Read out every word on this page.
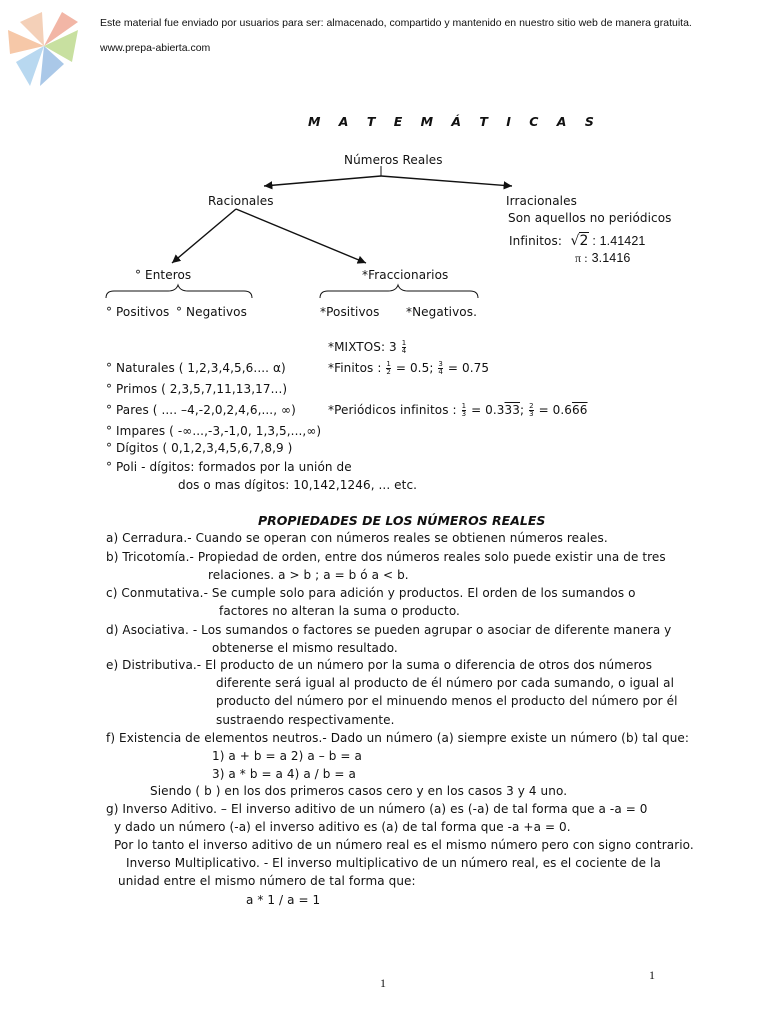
Este material fue enviado por usuarios para ser: almacenado, compartido y mantenido en nuestro sitio web de manera gratuita.
www.prepa-abierta.com
M A T E M Á T I C A S
Números Reales
Racionales	Irracionales
Son aquellos no periódicos
Infinitos:  √2 : 1.41421
π : 3.1416
° Enteros	*Fraccionarios
° Positivos ° Negativos	*Positivos *Negativos.
*MIXTOS: $3 \frac{1}{4}$
*Finitos : $\frac{1}{2} = 0.5$; $\frac{3}{4} = 0.75$
*Periódicos infinitos : $\frac{1}{3} = 0.333$; $\frac{2}{3} = 0.666$
° Naturales ( 1,2,3,4,5,6.... α)
° Primos ( 2,3,5,7,11,13,17...)
° Pares ( .... –4,-2,0,2,4,6,..., ∞)
° Impares ( -∞...,-3,-1,0, 1,3,5,...,∞)
° Dígitos ( 0,1,2,3,4,5,6,7,8,9 )
° Poli - dígitos: formados por la unión de
dos o mas dígitos: 10,142,1246, ... etc.
PROPIEDADES DE LOS NÚMEROS REALES
a) Cerradura.- Cuando se operan con números reales se obtienen números reales.
b) Tricotomía.- Propiedad de orden, entre dos números reales solo puede existir una de tres
relaciones. a > b ; a = b ó a < b.
c) Conmutativa.- Se cumple solo para adición y productos. El orden de los sumandos o
factores no alteran la suma o producto.
d) Asociativa. - Los sumandos o factores se pueden agrupar o asociar de diferente manera y
obtenerse el mismo resultado.
e) Distributiva.- El producto de un número por la suma o diferencia de otros dos números
diferente será igual al producto de él número por cada sumando, o igual al
producto del número por el minuendo menos el producto del número por él
sustraendo respectivamente.
f) Existencia de elementos neutros.- Dado un número (a) siempre existe un número (b) tal que:
1) a + b = a 2) a – b = a
3) a * b = a 4) a / b = a
Siendo ( b ) en los dos primeros casos cero y en los casos 3 y 4 uno.
g) Inverso Aditivo. – El inverso aditivo de un número (a) es (-a) de tal forma que a -a = 0
y dado un número (-a) el inverso aditivo es (a) de tal forma que -a +a = 0.
Por lo tanto el inverso aditivo de un número real es el mismo número pero con signo contrario.
Inverso Multiplicativo. - El inverso multiplicativo de un número real, es el cociente de la
unidad entre el mismo número de tal forma que:
a * 1 / a = 1
1
1
